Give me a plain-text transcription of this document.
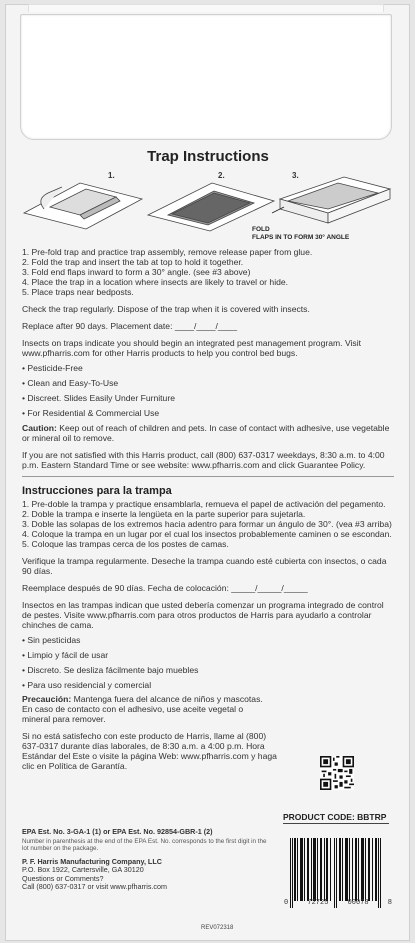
Trap Instructions
1.	2.	3.
FOLD
FLAPS IN TO FORM 30° ANGLE
1. Pre-fold trap and practice trap assembly, remove release paper from glue.
2. Fold the trap and insert the tab at top to hold it together.
3. Fold end flaps inward to form a 30° angle. (see #3 above)
4. Place the trap in a location where insects are likely to travel or hide.
5. Place traps near bedposts.

Check the trap regularly. Dispose of the trap when it is covered with insects.

Replace after 90 days. Placement date: ____/____/____

Insects on traps indicate you should begin an integrated pest management program. Visit www.pfharris.com for other Harris products to help you control bed bugs.

• Pesticide-Free

• Clean and Easy-To-Use

• Discreet. Slides Easily Under Furniture

• For Residential & Commercial Use

Caution: Keep out of reach of children and pets. In case of contact with adhesive, use vegetable or mineral oil to remove.

If you are not satisfied with this Harris product, call (800) 637-0317 weekdays, 8:30 a.m. to 4:00 p.m. Eastern Standard Time or see website: www.pfharris.com and click Guarantee Policy.

Instrucciones para la trampa
1. Pre-doble la trampa y practique ensamblarla, remueva el papel de activación del pegamento.
2. Doble la trampa e inserte la lengüeta en la parte superior para sujetarla.
3. Doble las solapas de los extremos hacia adentro para formar un ángulo de 30°. (vea #3 arriba)
4. Coloque la trampa en un lugar por el cual los insectos probablemente caminen o se escondan.
5. Coloque las trampas cerca de los postes de camas.

Verifique la trampa regularmente. Deseche la trampa cuando esté cubierta con insectos, o cada 90 días.

Reemplace después de 90 días. Fecha de colocación: _____/_____/_____

Insectos en las trampas indican que usted debería comenzar un programa integrado de control de pestes. Visite www.pfharris.com para otros productos de Harris para ayudarlo a controlar chinches de cama.

• Sin pesticidas

• Limpio y fácil de usar

• Discreto. Se desliza fácilmente bajo muebles

• Para uso residencial y comercial

Precaución: Mantenga fuera del alcance de niños y mascotas. En caso de contacto con el adhesivo, use aceite vegetal o mineral para remover.

Si no está satisfecho con este producto de Harris, llame al (800) 637-0317 durante días laborales, de 8:30 a.m. a 4:00 p.m. Hora Estándar del Este o visite la página Web: www.pfharris.com y haga clic en Política de Garantía.

PRODUCT CODE: BBTRP
0	72725	00078	8

EPA Est. No. 3-GA-1 (1) or EPA Est. No. 92854-GBR-1 (2)

Number in parenthesis at the end of the EPA Est. No. corresponds to the first digit in the lot number on the package.

P. F. Harris Manufacturing Company, LLC

P.O. Box 1922, Cartersville, GA 30120

Questions or Comments?

Call (800) 637-0317 or visit www.pfharris.com

REV072318
